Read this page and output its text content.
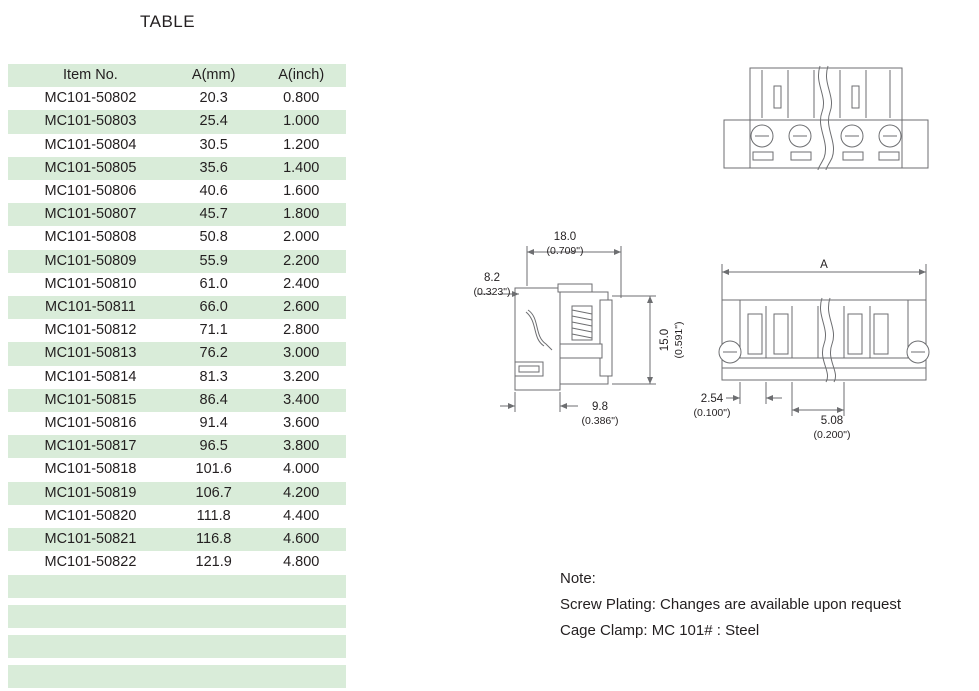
TABLE
Item No.	A(mm)	A(inch)
MC101-50802	20.3	0.800
MC101-50803	25.4	1.000
MC101-50804	30.5	1.200
MC101-50805	35.6	1.400
MC101-50806	40.6	1.600
MC101-50807	45.7	1.800
MC101-50808	50.8	2.000
MC101-50809	55.9	2.200
MC101-50810	61.0	2.400
MC101-50811	66.0	2.600
MC101-50812	71.1	2.800
MC101-50813	76.2	3.000
MC101-50814	81.3	3.200
MC101-50815	86.4	3.400
MC101-50816	91.4	3.600
MC101-50817	96.5	3.800
MC101-50818	101.6	4.000
MC101-50819	106.7	4.200
MC101-50820	111.8	4.400
MC101-50821	116.8	4.600
MC101-50822	121.9	4.800
Note:
Screw Plating: Changes are available upon request
Cage Clamp: MC 101# : Steel
18.0
(0.709")
8.2
(0.323")
15.0 (0.591")
9.8
(0.386")
2.54
(0.100")
5.08
(0.200")
A
